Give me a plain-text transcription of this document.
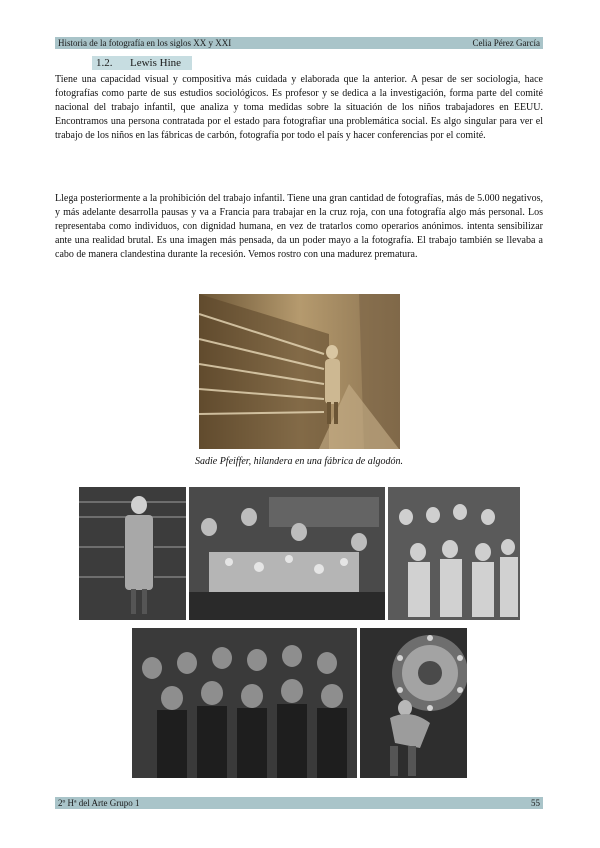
Historia de la fotografía en los siglos XX y XXI	Celia Pérez García
1.2. Lewis Hine

Tiene una capacidad visual y compositiva más cuidada y elaborada que la anterior. A pesar de ser sociologia, hace fotografías como parte de sus estudios sociológicos. Es profesor y se dedica a la investigación, forma parte del comité nacional del trabajo infantil, que analiza y toma medidas sobre la situación de los niños trabajadores en EEUU. Encontramos una persona contratada por el estado para fotografiar una problemática social. Es algo singular para ver el trabajo de los niños en las fábricas de carbón, fotografía por todo el país y hacer conferencias por el comité.

Llega posteriormente a la prohibición del trabajo infantil. Tiene una gran cantidad de fotografías, más de 5.000 negativos, y más adelante desarrolla pausas y va a Francia para trabajar en la cruz roja, con una fotografía algo más personal. Los representaba como individuos, con dignidad humana, en vez de tratarlos como operarios anónimos. intenta sensibilizar ante una realidad brutal. Es una imagen más pensada, da un poder mayo a la fotografía. El trabajo también se llevaba a cabo de manera clandestina durante la recesión. Vemos rostro con una madurez prematura.

Sadie Pfeiffer, hilandera en una fábrica de algodón.
2º Hª del Arte Grupo 1	55
